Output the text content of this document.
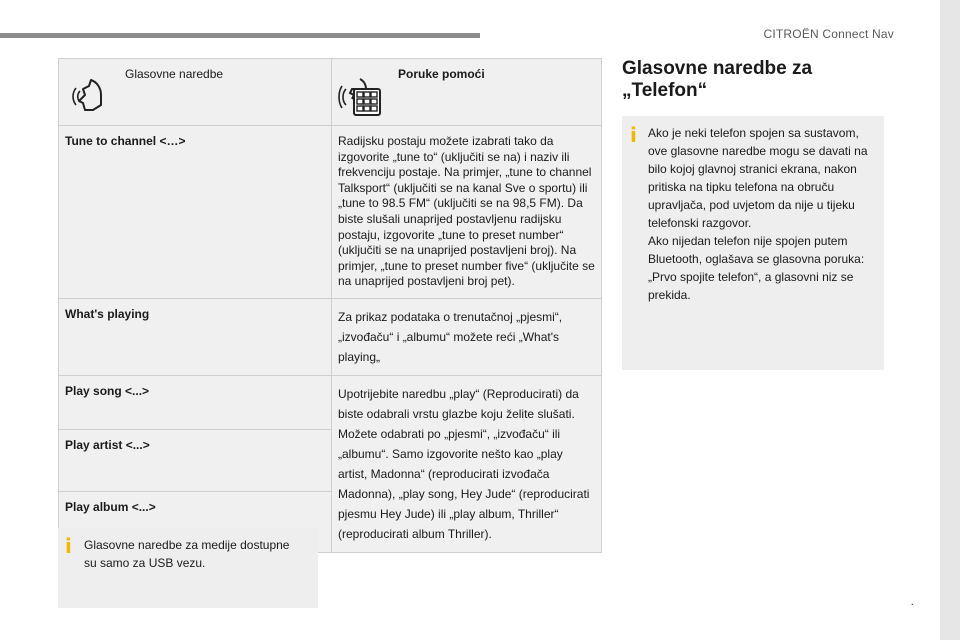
CITROËN Connect Nav
Glasovne naredbe	Poruke pomoći

Tune to channel <…>	Radijsku postaju možete izabrati tako da izgovorite „tune to“ (uključiti se na) i naziv ili frekvenciju postaje. Na primjer, „tune to channel Talksport“ (uključiti se na kanal Sve o sportu) ili „tune to 98.5 FM“ (uključiti se na 98,5 FM). Da biste slušali unaprijed postavljenu radijsku postaju, izgovorite „tune to preset number“ (uključiti se na unaprijed postavljeni broj). Na primjer, „tune to preset number five“ (uključite se na unaprijed postavljeni broj pet).
What's playing	Za prikaz podataka o trenutačnoj „pjesmi“, „izvođaču“ i „albumu“ možete reći „What's playing„
Play song <...>	Upotrijebite naredbu „play“ (Reproducirati) da biste odabrali vrstu glazbe koju želite slušati. Možete odabrati po „pjesmi“, „izvođaču“ ili „albumu“. Samo izgovorite nešto kao „play artist, Madonna“ (reproducirati izvođača Madonna), „play song, Hey Jude“ (reproducirati pjesmu Hey Jude) ili „play album, Thriller“ (reproducirati album Thriller).
Play artist <...>	
Play album <...>	
i Glasovne naredbe za medije dostupne su samo za USB vezu.
Glasovne naredbe za „Telefon“
i Ako je neki telefon spojen sa sustavom, ove glasovne naredbe mogu se davati na bilo kojoj glavnoj stranici ekrana, nakon pritiska na tipku telefona na obruču upravljača, pod uvjetom da nije u tijeku telefonski razgovor.
Ako nijedan telefon nije spojen putem Bluetooth, oglašava se glasovna poruka: „Prvo spojite telefon“, a glasovni niz se prekida.
.
